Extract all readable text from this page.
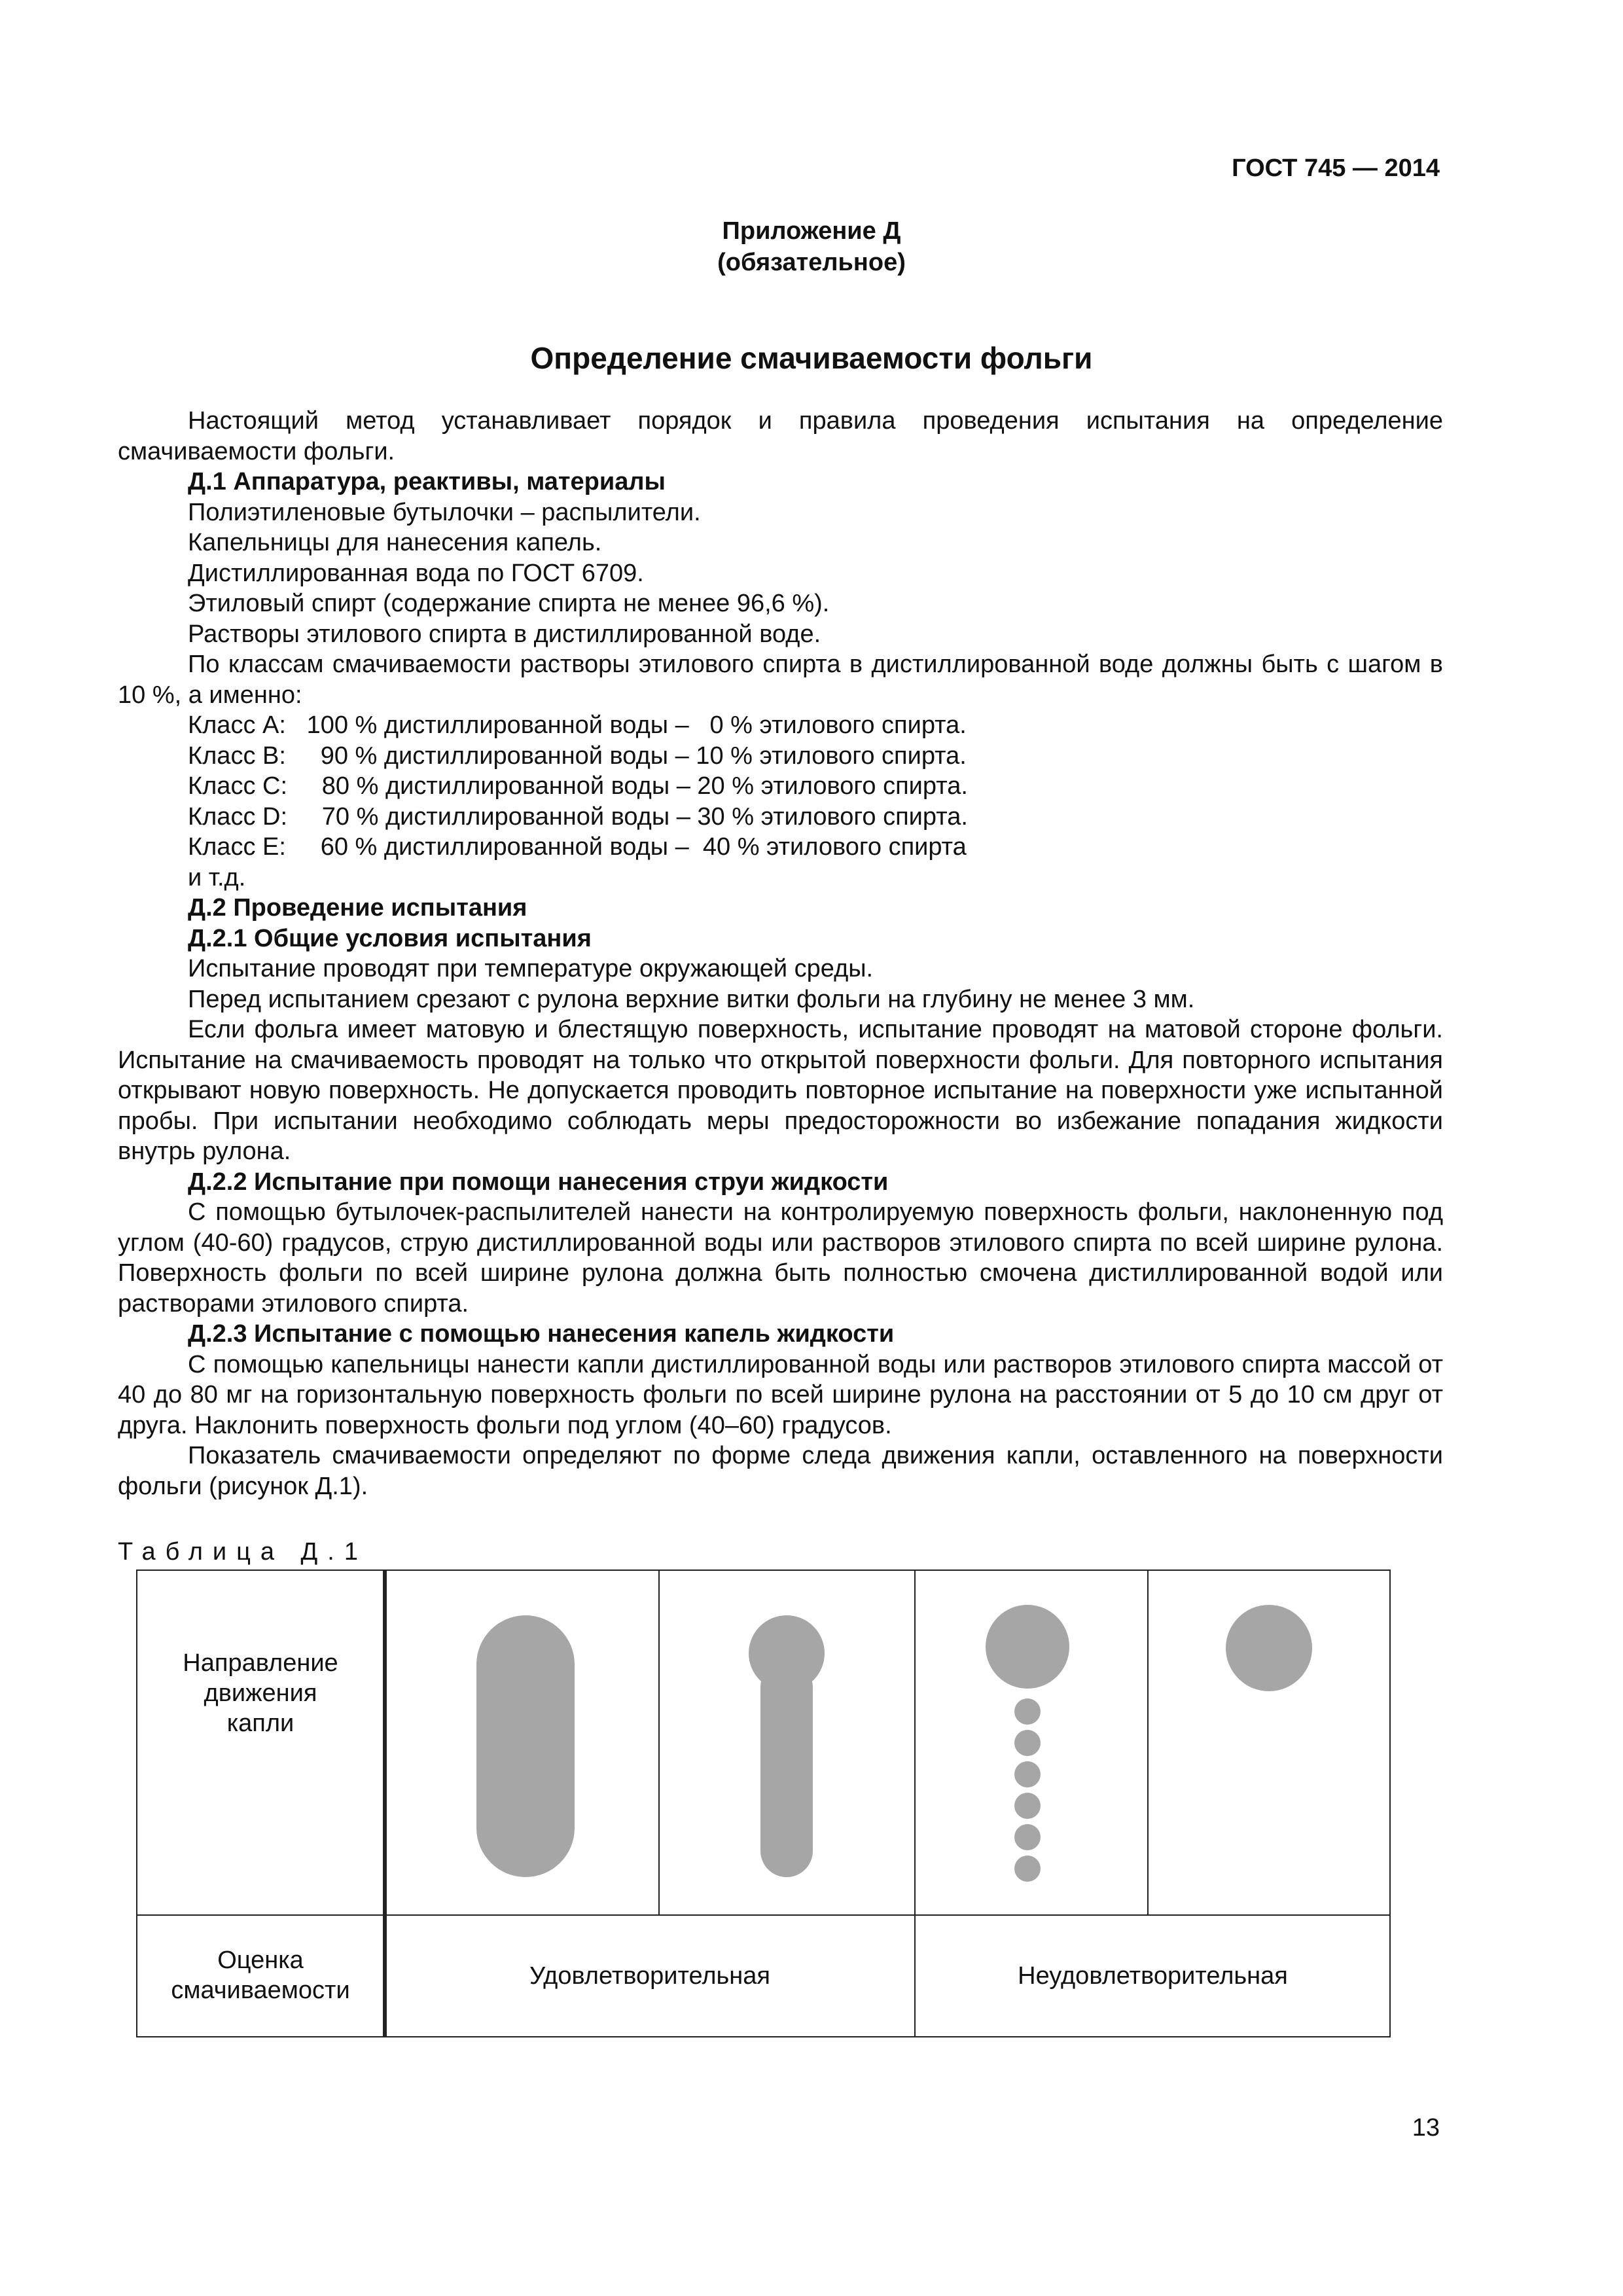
ГОСТ 745 — 2014
Приложение Д
(обязательное)
Определение смачиваемости фольги

Настоящий метод устанавливает порядок и правила проведения испытания на определение смачиваемости фольги.

Д.1 Аппаратура, реактивы, материалы

Полиэтиленовые бутылочки – распылители.

Капельницы для нанесения капель.

Дистиллированная вода по ГОСТ 6709.

Этиловый спирт (содержание спирта не менее 96,6 %).

Растворы этилового спирта в дистиллированной воде.

По классам смачиваемости растворы этилового спирта в дистиллированной воде должны быть с шагом в 10 %, а именно:

Класс А:   100 % дистиллированной воды –   0 % этилового спирта.

Класс В:     90 % дистиллированной воды – 10 % этилового спирта.

Класс С:     80 % дистиллированной воды – 20 % этилового спирта.

Класс D:     70 % дистиллированной воды – 30 % этилового спирта.

Класс Е:     60 % дистиллированной воды –  40 % этилового спирта

и т.д.

Д.2 Проведение испытания

Д.2.1 Общие условия испытания

Испытание проводят при температуре окружающей среды.

Перед испытанием срезают с рулона верхние витки фольги на глубину не менее 3 мм.

Если фольга имеет матовую и блестящую поверхность, испытание проводят на матовой стороне фольги. Испытание на смачиваемость проводят на только что открытой поверхности фольги. Для повторного испытания открывают новую поверхность. Не допускается проводить повторное испытание на поверхности уже испытанной пробы. При испытании необходимо соблюдать меры предосторожности во избежание попадания жидкости внутрь рулона.

Д.2.2 Испытание при помощи нанесения струи жидкости

С помощью бутылочек-распылителей нанести на контролируемую поверхность фольги, наклоненную под углом (40-60) градусов, струю дистиллированной воды или растворов этилового спирта по всей ширине рулона. Поверхность фольги по всей ширине рулона должна быть полностью смочена дистиллированной водой или растворами этилового спирта.

Д.2.3 Испытание с помощью нанесения капель жидкости

С помощью капельницы нанести капли дистиллированной воды или растворов этилового спирта массой от 40 до 80 мг на горизонтальную поверхность фольги по всей ширине рулона на расстоянии от 5 до 10 см друг от друга. Наклонить поверхность фольги под углом (40–60) градусов.

Показатель смачиваемости определяют по форме следа движения капли, оставленного на поверхности фольги (рисунок Д.1).

Таблица Д.1
Направление
движения
капли
Оценка
смачиваемости
Удовлетворительная	Неудовлетворительная
13
